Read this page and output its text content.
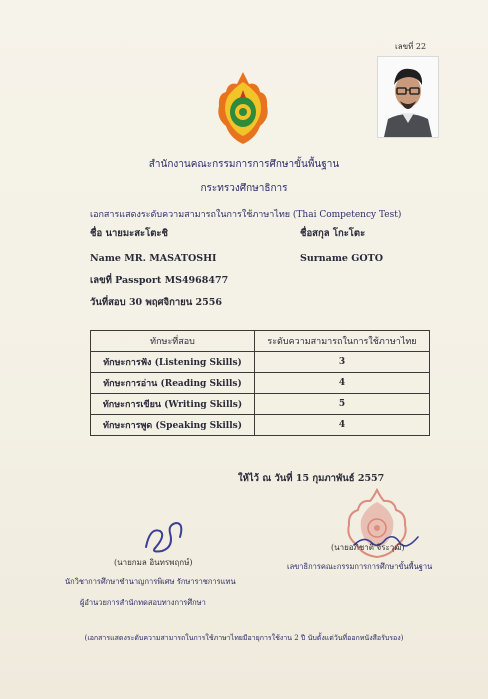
เลขที่ 22
สำนักงานคณะกรรมการการศึกษาขั้นพื้นฐาน
กระทรวงศึกษาธิการ
เอกสารแสดงระดับความสามารถในการใช้ภาษาไทย (Thai Competency Test)
ชื่อ นายมะสะโตะชิ	ชื่อสกุล โกะโตะ
Name MR. MASATOSHI	Surname GOTO
เลขที่ Passport MS4968477
วันที่สอบ 30 พฤศจิกายน 2556
ทักษะที่สอบ	ระดับความสามารถในการใช้ภาษาไทย
ทักษะการฟัง (Listening Skills)	3
ทักษะการอ่าน (Reading Skills)	4
ทักษะการเขียน (Writing Skills)	5
ทักษะการพูด (Speaking Skills)	4
ให้ไว้ ณ วันที่ 15 กุมภาพันธ์ 2557
(นายกมล อินทรพฤกษ์)
นักวิชาการศึกษาชำนาญการพิเศษ รักษาราชการแทน
ผู้อำนวยการสำนักทดสอบทางการศึกษา
(นายอภิชาติ จีระวุฒิ)
เลขาธิการคณะกรรมการการศึกษาขั้นพื้นฐาน
(เอกสารแสดงระดับความสามารถในการใช้ภาษาไทยมีอายุการใช้งาน 2 ปี นับตั้งแต่วันที่ออกหนังสือรับรอง)
